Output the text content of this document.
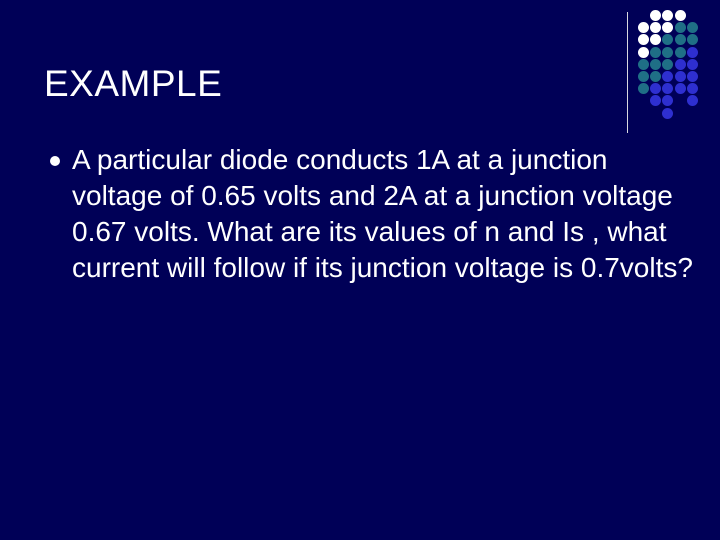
EXAMPLE
A particular diode conducts 1A at a junction voltage of 0.65 volts and 2A at a junction voltage 0.67 volts. What are its values of n and Is , what current will follow if its junction voltage is 0.7volts?
